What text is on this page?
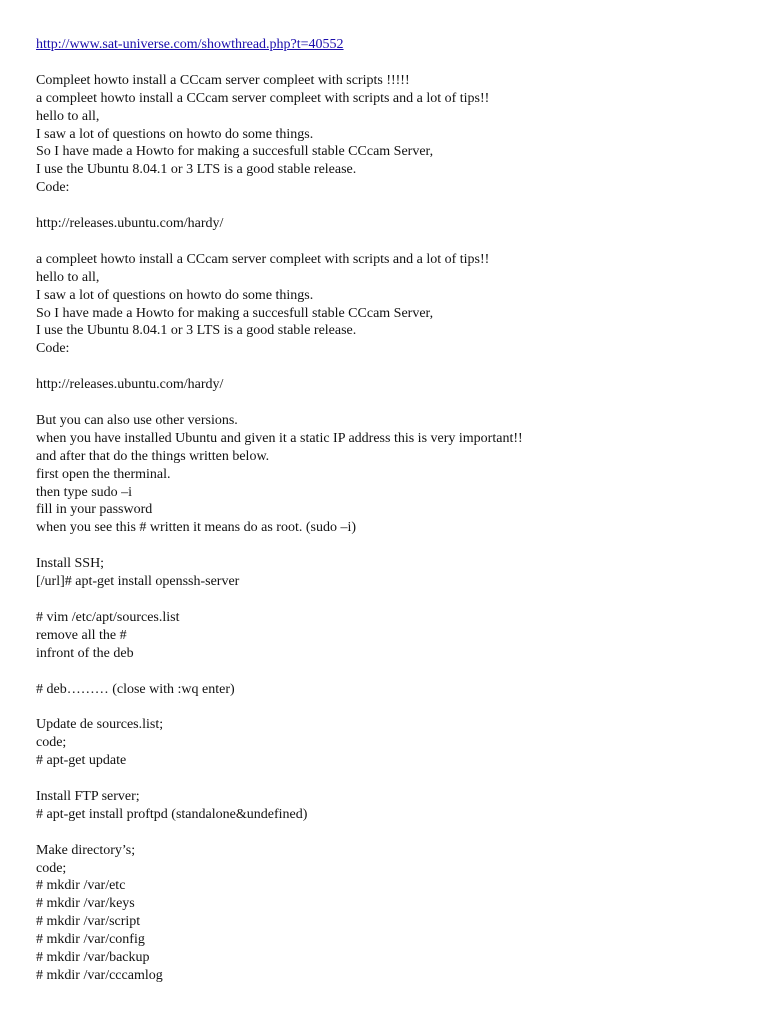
http://www.sat-universe.com/showthread.php?t=40552
Compleet howto install a CCcam server compleet with scripts !!!!!
a compleet howto install a CCcam server compleet with scripts and a lot of tips!!
hello to all,
I saw a lot of questions on howto do some things.
So I have made a Howto for making a succesfull stable CCcam Server,
I use the Ubuntu 8.04.1 or 3 LTS is a good stable release.
Code:
http://releases.ubuntu.com/hardy/
a compleet howto install a CCcam server compleet with scripts and a lot of tips!!
hello to all,
I saw a lot of questions on howto do some things.
So I have made a Howto for making a succesfull stable CCcam Server,
I use the Ubuntu 8.04.1 or 3 LTS is a good stable release.
Code:
http://releases.ubuntu.com/hardy/
But you can also use other versions.
when you have installed Ubuntu and given it a static IP address this is very important!!
and after that do the things written below.
first open the therminal.
then type sudo –i
fill in your password
when you see this # written it means do as root. (sudo –i)
Install SSH;
[/url]# apt-get install openssh-server
# vim /etc/apt/sources.list
remove all the #
infront of the deb
# deb……… (close with :wq enter)
Update de sources.list;
code;
# apt-get update
Install FTP server;
# apt-get install proftpd (standalone&undefined)
Make directory’s;
code;
# mkdir /var/etc
# mkdir /var/keys
# mkdir /var/script
# mkdir /var/config
# mkdir /var/backup
# mkdir /var/cccamlog
